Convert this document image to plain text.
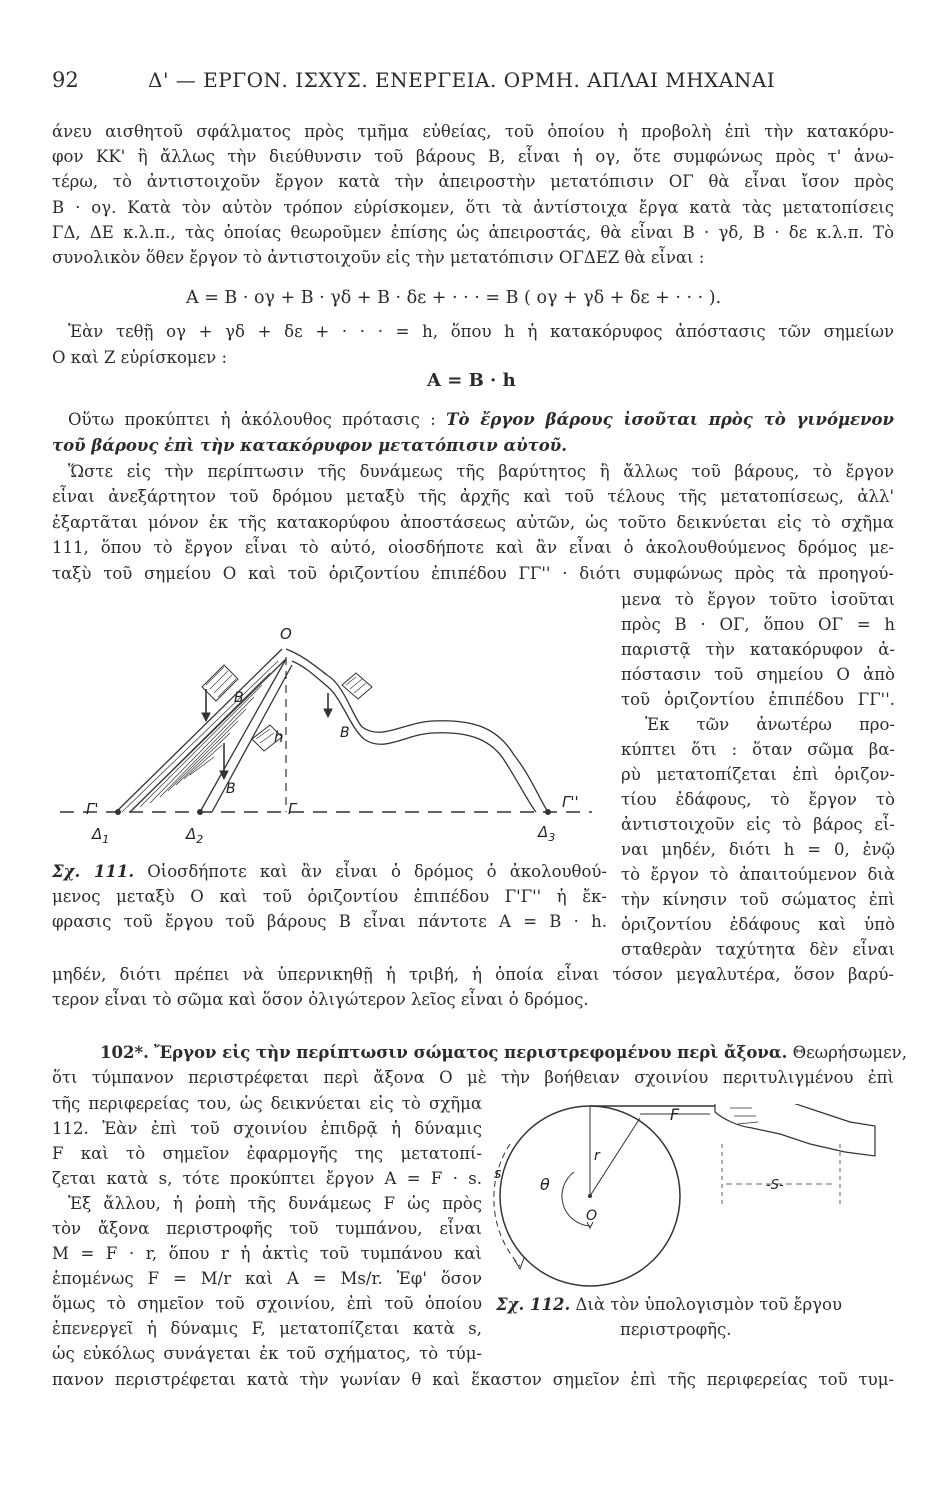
92	Δ' — ΕΡΓΟΝ. ΙΣΧΥΣ. ΕΝΕΡΓΕΙΑ. ΟΡΜΗ. ΑΠΛΑΙ ΜΗΧΑΝΑΙ
άνευ αισθητοῦ σφάλματος πρὸς τμῆμα εὐθείας, τοῦ ὁποίου ἡ προβολὴ ἐπὶ τὴν κατακόρυ-
φον ΚΚ' ἢ ἄλλως τὴν διεύθυνσιν τοῦ βάρους Β, εἶναι ἡ ογ, ὅτε συμφώνως πρὸς τ' ἀνω-
τέρω, τὸ ἀντιστοιχοῦν ἔργον κατὰ τὴν ἀπειροστὴν μετατόπισιν ΟΓ θὰ εἶναι ἴσον πρὸς
Β · ογ. Κατὰ τὸν αὐτὸν τρόπον εὑρίσκομεν, ὅτι τὰ ἀντίστοιχα ἔργα κατὰ τὰς μετατοπίσεις
ΓΔ, ΔΕ κ.λ.π., τὰς ὁποίας θεωροῦμεν ἐπίσης ὡς ἀπειροστάς, θὰ εἶναι Β · γδ, Β · δε κ.λ.π. Τὸ
συνολικὸν ὅθεν ἔργον τὸ ἀντιστοιχοῦν εἰς τὴν μετατόπισιν ΟΓΔΕΖ θὰ εἶναι :
Α = Β · ογ + Β · γδ + Β · δε + · · · = Β ( ογ + γδ + δε + · · · ).
Ἐὰν τεθῇ ογ + γδ + δε + · · · = h, ὅπου h ἡ κατακόρυφος ἀπόστασις τῶν σημείων
Ο καὶ Ζ εὑρίσκομεν :
A = B · h
Οὕτω προκύπτει ἡ ἀκόλουθος πρότασις : Τὸ ἔργον βάρους ἰσοῦται πρὸς τὸ γινόμενον
τοῦ βάρους ἐπὶ τὴν κατακόρυφον μετατόπισιν αὐτοῦ.
Ὥστε εἰς τὴν περίπτωσιν τῆς δυνάμεως τῆς βαρύτητος ἢ ἄλλως τοῦ βάρους, τὸ ἔργον
εἶναι ἀνεξάρτητον τοῦ δρόμου μεταξὺ τῆς ἀρχῆς καὶ τοῦ τέλους τῆς μετατοπίσεως, ἀλλ'
ἐξαρτᾶται μόνον ἐκ τῆς κατακορύφου ἀποστάσεως αὐτῶν, ὡς τοῦτο δεικνύεται εἰς τὸ σχῆμα
111, ὅπου τὸ ἔργον εἶναι τὸ αὐτό, οἱοσδήποτε καὶ ἂν εἶναι ὁ ἀκολουθούμενος δρόμος με-
ταξὺ τοῦ σημείου Ο καὶ τοῦ ὁριζοντίου ἐπιπέδου ΓΓ'' · διότι συμφώνως πρὸς τὰ προηγού-
μενα τὸ ἔργον τοῦτο ἰσοῦται
πρὸς Β · ΟΓ, ὅπου ΟΓ = h
παριστᾷ τὴν κατακόρυφον ἀ-
πόστασιν τοῦ σημείου Ο ἀπὸ
τοῦ ὁριζοντίου ἐπιπέδου ΓΓ''.
Ἐκ τῶν ἀνωτέρω προ-
κύπτει ὅτι : ὅταν σῶμα βα-
ρὺ μετατοπίζεται ἐπὶ ὁριζον-
τίου ἐδάφους, τὸ ἔργον τὸ
ἀντιστοιχοῦν εἰς τὸ βάρος εἶ-
ναι μηδέν, διότι h = 0, ἐνῷ
τὸ ἔργον τὸ ἀπαιτούμενον διὰ
τὴν κίνησιν τοῦ σώματος ἐπὶ
ὁριζοντίου ἐδάφους καὶ ὑπὸ
σταθερὰν ταχύτητα δὲν εἶναι
O
h
B
B
B
Γ'	Γ	Γ''
$\Delta_1$	$\Delta_2$	$\Delta_3$
Σχ. 111. Οἱοσδήποτε καὶ ἂν εἶναι ὁ δρόμος ὁ ἀκολουθού-
μενος μεταξὺ Ο καὶ τοῦ ὁριζοντίου ἐπιπέδου Γ'Γ'' ἡ ἔκ-
φρασις τοῦ ἔργου τοῦ βάρους Β εἶναι πάντοτε Α = Β · h.
μηδέν, διότι πρέπει νὰ ὑπερνικηθῇ ἡ τριβή, ἡ ὁποία εἶναι τόσον μεγαλυτέρα, ὅσον βαρύ-
τερον εἶναι τὸ σῶμα καὶ ὅσον ὀλιγώτερον λεῖος εἶναι ὁ δρόμος.
102*. Ἔργον εἰς τὴν περίπτωσιν σώματος περιστρεφομένου περὶ ἄξονα. Θεωρήσωμεν,
ὅτι τύμπανον περιστρέφεται περὶ ἄξονα Ο μὲ τὴν βοήθειαν σχοινίου περιτυλιγμένου ἐπὶ
τῆς περιφερείας του, ὡς δεικνύεται εἰς τὸ σχῆμα
112. Ἐὰν ἐπὶ τοῦ σχοινίου ἐπιδρᾷ ἡ δύναμις
F καὶ τὸ σημεῖον ἐφαρμογῆς της μετατοπί-
ζεται κατὰ s, τότε προκύπτει ἔργον Α = F · s.
Ἐξ ἄλλου, ἡ ῥοπὴ τῆς δυνάμεως F ὡς πρὸς
τὸν ἄξονα περιστροφῆς τοῦ τυμπάνου, εἶναι
M = F · r, ὅπου r ἡ ἀκτὶς τοῦ τυμπάνου καὶ
ἑπομένως F = M/r καὶ A = Ms/r. Ἐφ' ὅσον
ὅμως τὸ σημεῖον τοῦ σχοινίου, ἐπὶ τοῦ ὁποίου
ἐπενεργεῖ ἡ δύναμις F, μετατοπίζεται κατὰ s,
ὡς εὐκόλως συνάγεται ἐκ τοῦ σχήματος, τὸ τύμ-
F
r
θ
O
s
-S-
Σχ. 112. Διὰ τὸν ὑπολογισμὸν τοῦ ἔργου
περιστροφῆς.
πανον περιστρέφεται κατὰ τὴν γωνίαν θ καὶ ἕκαστον σημεῖον ἐπὶ τῆς περιφερείας τοῦ τυμ-
